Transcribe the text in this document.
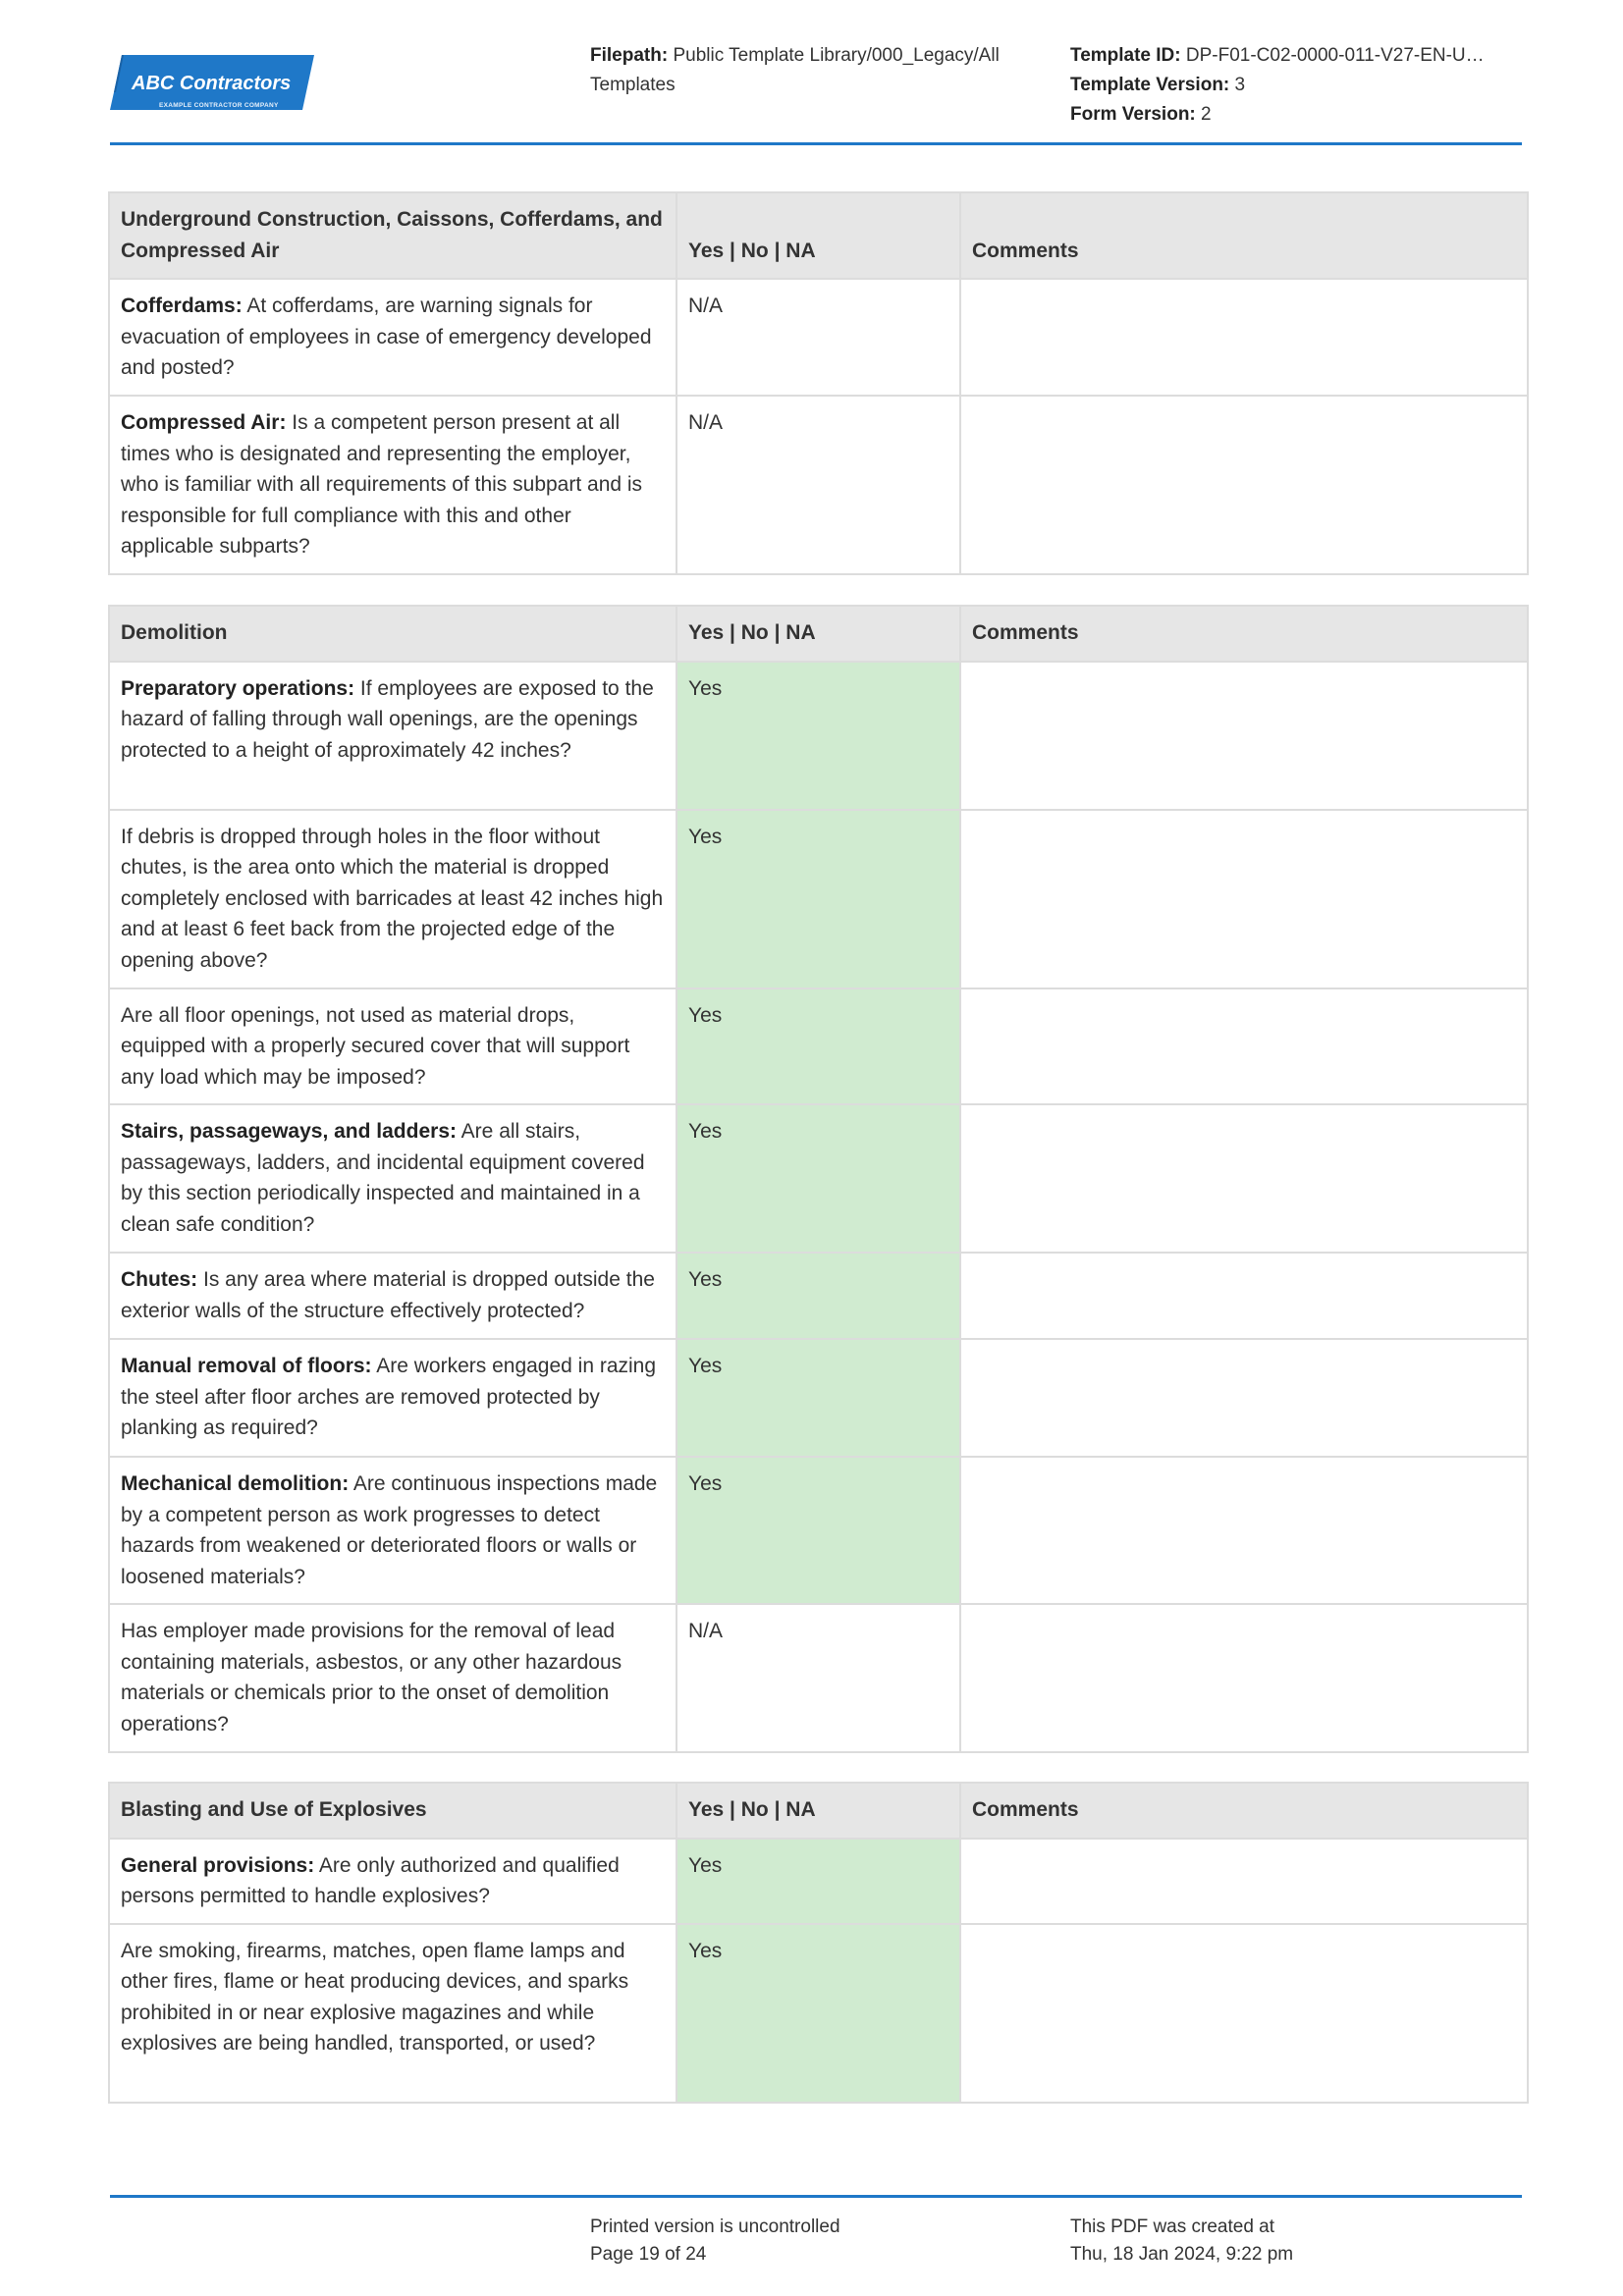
ABC Contractors
EXAMPLE CONTRACTOR COMPANY
Filepath: Public Template Library/000_Legacy/All
Templates
Template ID: DP-F01-C02-0000-011-V27-EN-U…
Template Version: 3
Form Version: 2
Underground Construction, Caissons, Cofferdams, and Compressed Air	Yes | No | NA	Comments
Cofferdams: At cofferdams, are warning signals for evacuation of employees in case of emergency developed and posted?	N/A	
Compressed Air: Is a competent person present at all times who is designated and representing the employer, who is familiar with all requirements of this subpart and is responsible for full compliance with this and other applicable subparts?	N/A	
Demolition	Yes | No | NA	Comments
Preparatory operations: If employees are exposed to the hazard of falling through wall openings, are the openings protected to a height of approximately 42 inches?	Yes	
If debris is dropped through holes in the floor without chutes, is the area onto which the material is dropped completely enclosed with barricades at least 42 inches high and at least 6 feet back from the projected edge of the opening above?	Yes	
Are all floor openings, not used as material drops, equipped with a properly secured cover that will support any load which may be imposed?	Yes	
Stairs, passageways, and ladders: Are all stairs, passageways, ladders, and incidental equipment covered by this section periodically inspected and maintained in a clean safe condition?	Yes	
Chutes: Is any area where material is dropped outside the exterior walls of the structure effectively protected?	Yes	
Manual removal of floors: Are workers engaged in razing the steel after floor arches are removed protected by planking as required?	Yes	
Mechanical demolition: Are continuous inspections made by a competent person as work progresses to detect hazards from weakened or deteriorated floors or walls or loosened materials?	Yes	
Has employer made provisions for the removal of lead containing materials, asbestos, or any other hazardous materials or chemicals prior to the onset of demolition operations?	N/A	
Blasting and Use of Explosives	Yes | No | NA	Comments
General provisions: Are only authorized and qualified persons permitted to handle explosives?	Yes	
Are smoking, firearms, matches, open flame lamps and other fires, flame or heat producing devices, and sparks prohibited in or near explosive magazines and while explosives are being handled, transported, or used?	Yes	
Printed version is uncontrolled
Page 19 of 24
This PDF was created at
Thu, 18 Jan 2024, 9:22 pm
